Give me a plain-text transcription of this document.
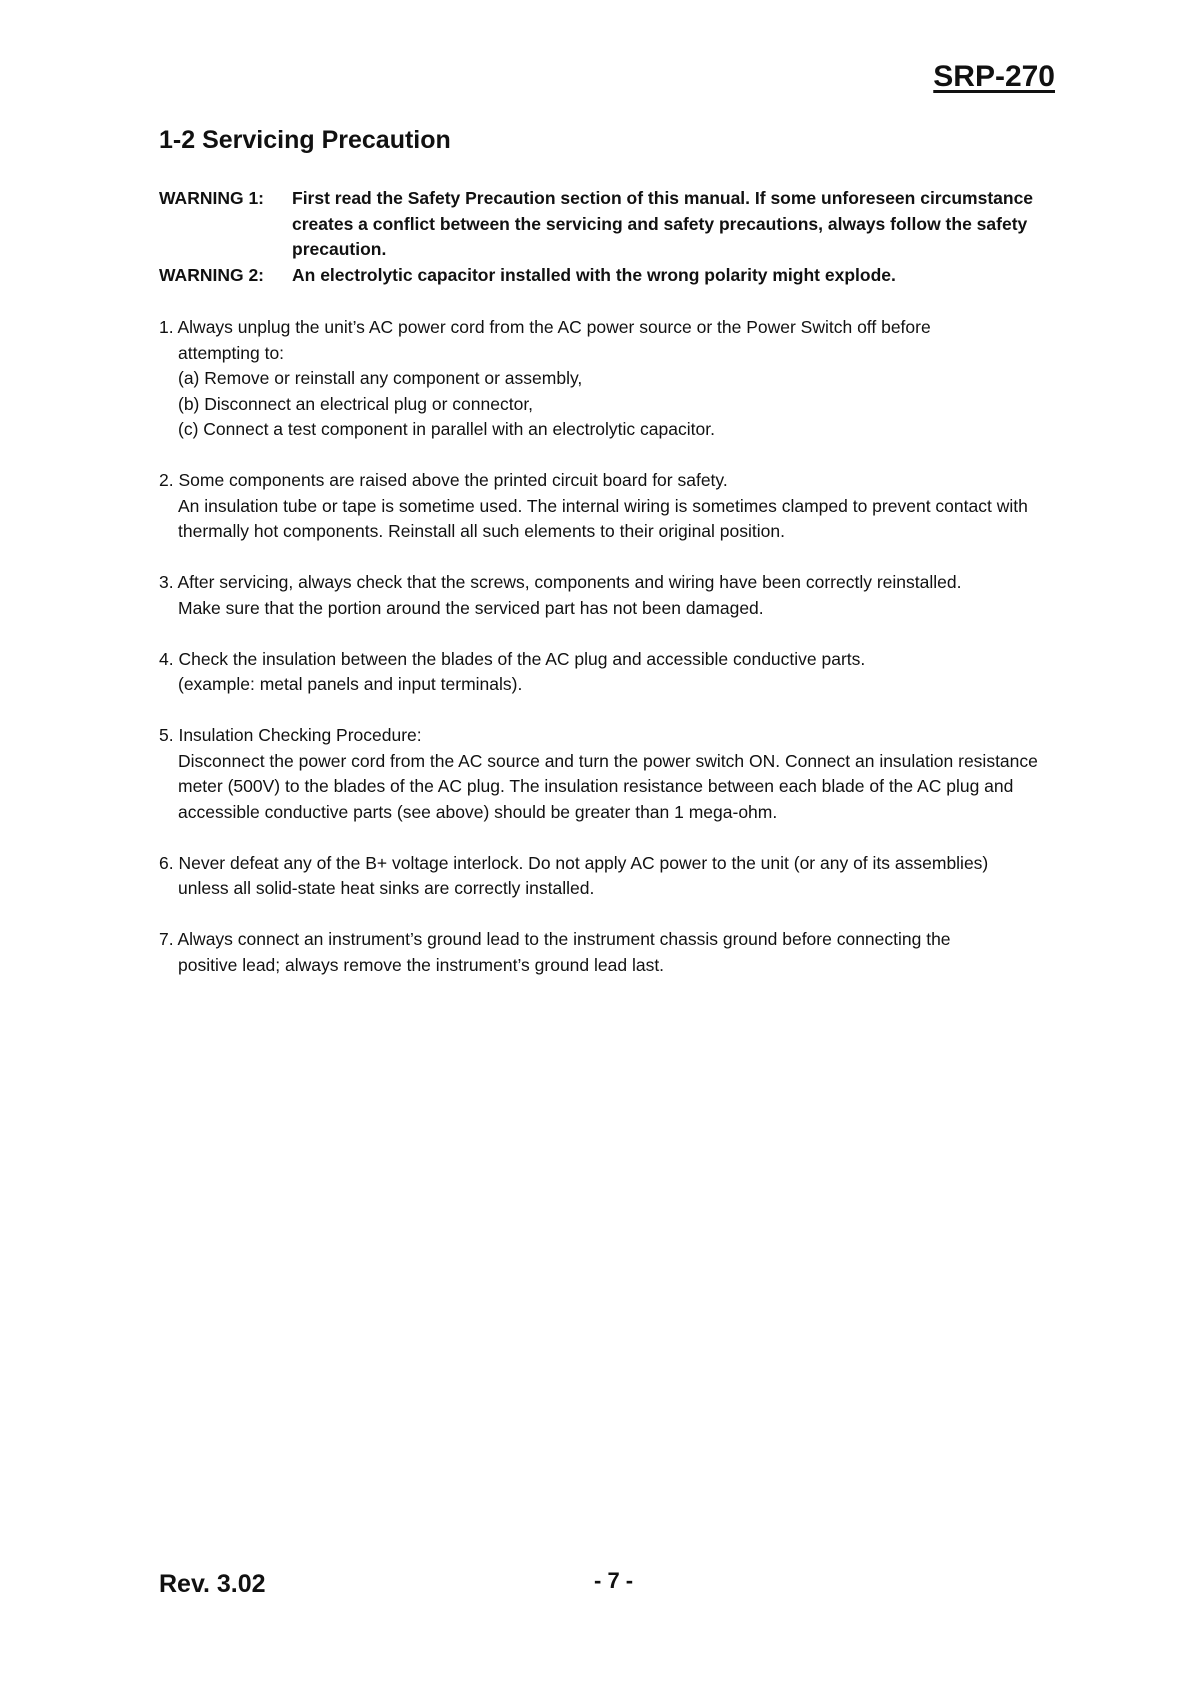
SRP-270
1-2 Servicing Precaution
WARNING 1:	First read the Safety Precaution section of this manual. If some unforeseen circumstance creates a conflict between the servicing and safety precautions, always follow the safety precaution.
WARNING 2:	An electrolytic capacitor installed with the wrong polarity might explode.
1. Always unplug the unit’s AC power cord from the AC power source or the Power Switch off before
attempting to:
(a) Remove or reinstall any component or assembly,
(b) Disconnect an electrical plug or connector,
(c) Connect a test component in parallel with an electrolytic capacitor.
2. Some components are raised above the printed circuit board for safety.
An insulation tube or tape is sometime used. The internal wiring is sometimes clamped to prevent contact with thermally hot components. Reinstall all such elements to their original position.
3. After servicing, always check that the screws, components and wiring have been correctly reinstalled.
Make sure that the portion around the serviced part has not been damaged.
4. Check the insulation between the blades of the AC plug and accessible conductive parts.
(example: metal panels and input terminals).
5. Insulation Checking Procedure:
Disconnect the power cord from the AC source and turn the power switch ON. Connect an insulation resistance meter (500V) to the blades of the AC plug. The insulation resistance between each blade of the AC plug and accessible conductive parts (see above) should be greater than 1 mega-ohm.
6. Never defeat any of the B+ voltage interlock. Do not apply AC power to the unit (or any of its assemblies)
unless all solid-state heat sinks are correctly installed.
7. Always connect an instrument’s ground lead to the instrument chassis ground before connecting the
positive lead; always remove the instrument’s ground lead last.
Rev. 3.02	- 7 -
